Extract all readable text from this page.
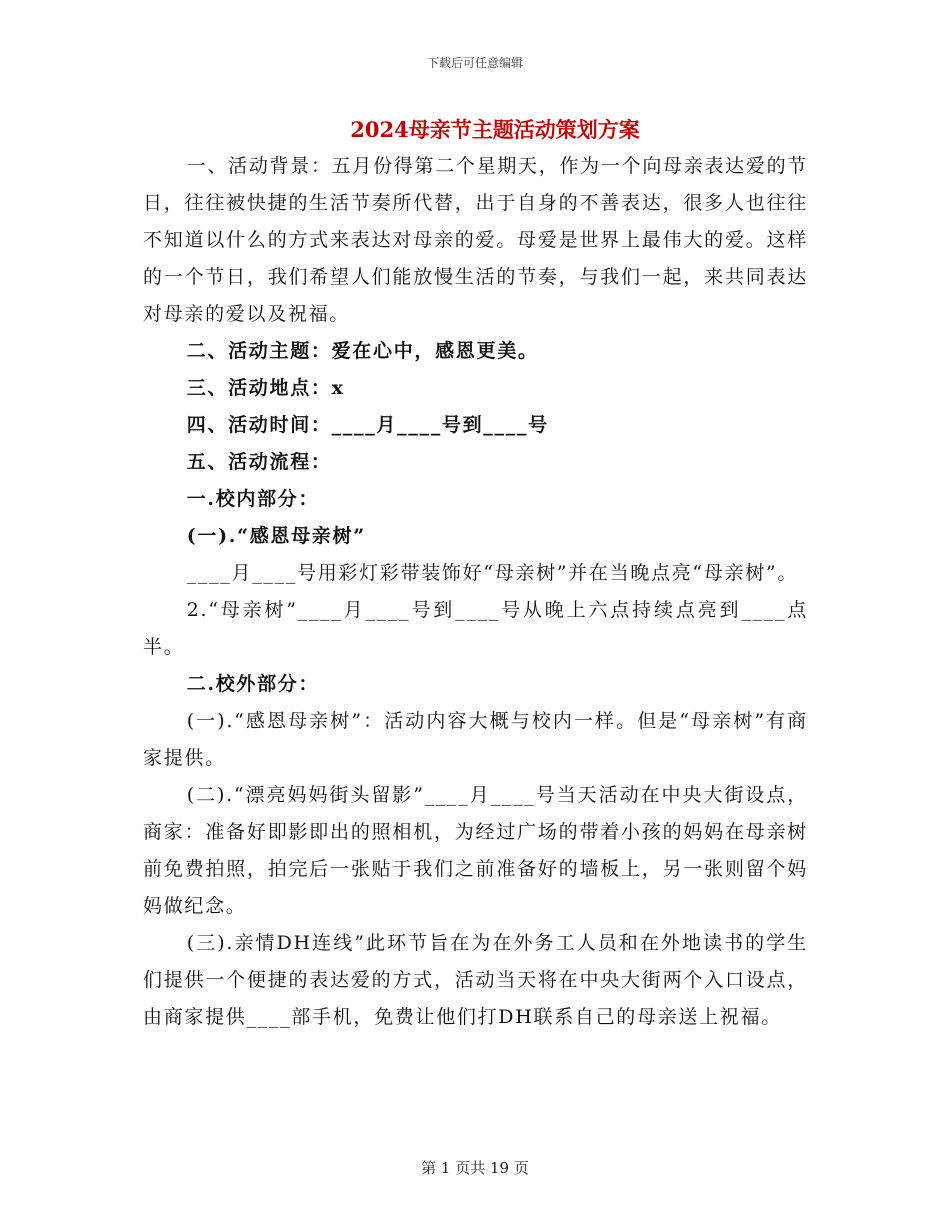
下载后可任意编辑
2024母亲节主题活动策划方案

一、活动背景：五月份得第二个星期天，作为一个向母亲表达爱的节日，往往被快捷的生活节奏所代替，出于自身的不善表达，很多人也往往不知道以什么的方式来表达对母亲的爱。母爱是世界上最伟大的爱。这样的一个节日，我们希望人们能放慢生活的节奏，与我们一起，来共同表达对母亲的爱以及祝福。

二、活动主题：爱在心中，感恩更美。

三、活动地点：x

四、活动时间：____月____号到____号

五、活动流程：

一.校内部分：

(一).“感恩母亲树”

____月____号用彩灯彩带装饰好“母亲树”并在当晚点亮“母亲树”。

2.“母亲树”____月____号到____号从晚上六点持续点亮到____点半。

二.校外部分：

(一).“感恩母亲树”：活动内容大概与校内一样。但是“母亲树”有商家提供。

(二).“漂亮妈妈街头留影”____月____号当天活动在中央大街设点，商家：准备好即影即出的照相机，为经过广场的带着小孩的妈妈在母亲树前免费拍照，拍完后一张贴于我们之前准备好的墙板上，另一张则留个妈妈做纪念。

(三).亲情DH连线”此环节旨在为在外务工人员和在外地读书的学生们提供一个便捷的表达爱的方式，活动当天将在中央大街两个入口设点，由商家提供____部手机，免费让他们打DH联系自己的母亲送上祝福。

第 1 页共 19 页
